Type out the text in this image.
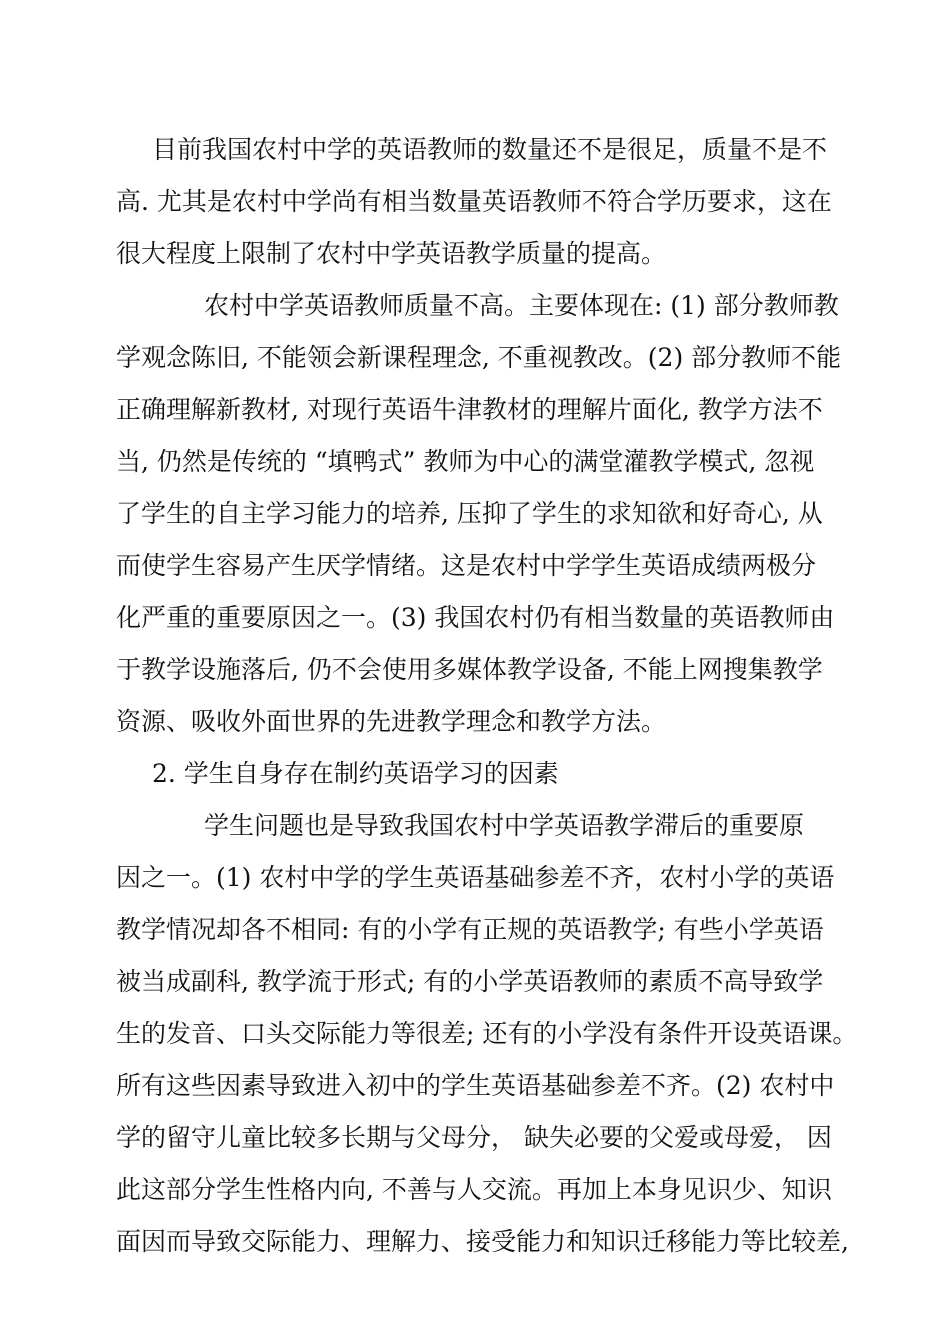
目前我国农村中学的英语教师的数量还不是很足，质量不是不
高. 尤其是农村中学尚有相当数量英语教师不符合学历要求，这在
很大程度上限制了农村中学英语教学质量的提高。
农村中学英语教师质量不高。主要体现在: (1) 部分教师教
学观念陈旧, 不能领会新课程理念, 不重视教改。(2) 部分教师不能
正确理解新教材, 对现行英语牛津教材的理解片面化, 教学方法不
当, 仍然是传统的 “填鸭式” 教师为中心的满堂灌教学模式, 忽视
了学生的自主学习能力的培养, 压抑了学生的求知欲和好奇心, 从
而使学生容易产生厌学情绪。这是农村中学学生英语成绩两极分
化严重的重要原因之一。(3) 我国农村仍有相当数量的英语教师由
于教学设施落后, 仍不会使用多媒体教学设备, 不能上网搜集教学
资源、吸收外面世界的先进教学理念和教学方法。
2. 学生自身存在制约英语学习的因素
学生问题也是导致我国农村中学英语教学滞后的重要原
因之一。(1) 农村中学的学生英语基础参差不齐，农村小学的英语
教学情况却各不相同: 有的小学有正规的英语教学; 有些小学英语
被当成副科, 教学流于形式; 有的小学英语教师的素质不高导致学
生的发音、口头交际能力等很差; 还有的小学没有条件开设英语课。
所有这些因素导致进入初中的学生英语基础参差不齐。(2) 农村中
学的留守儿童比较多长期与父母分， 缺失必要的父爱或母爱， 因
此这部分学生性格内向, 不善与人交流。再加上本身见识少、知识
面因而导致交际能力、理解力、接受能力和知识迁移能力等比较差,
